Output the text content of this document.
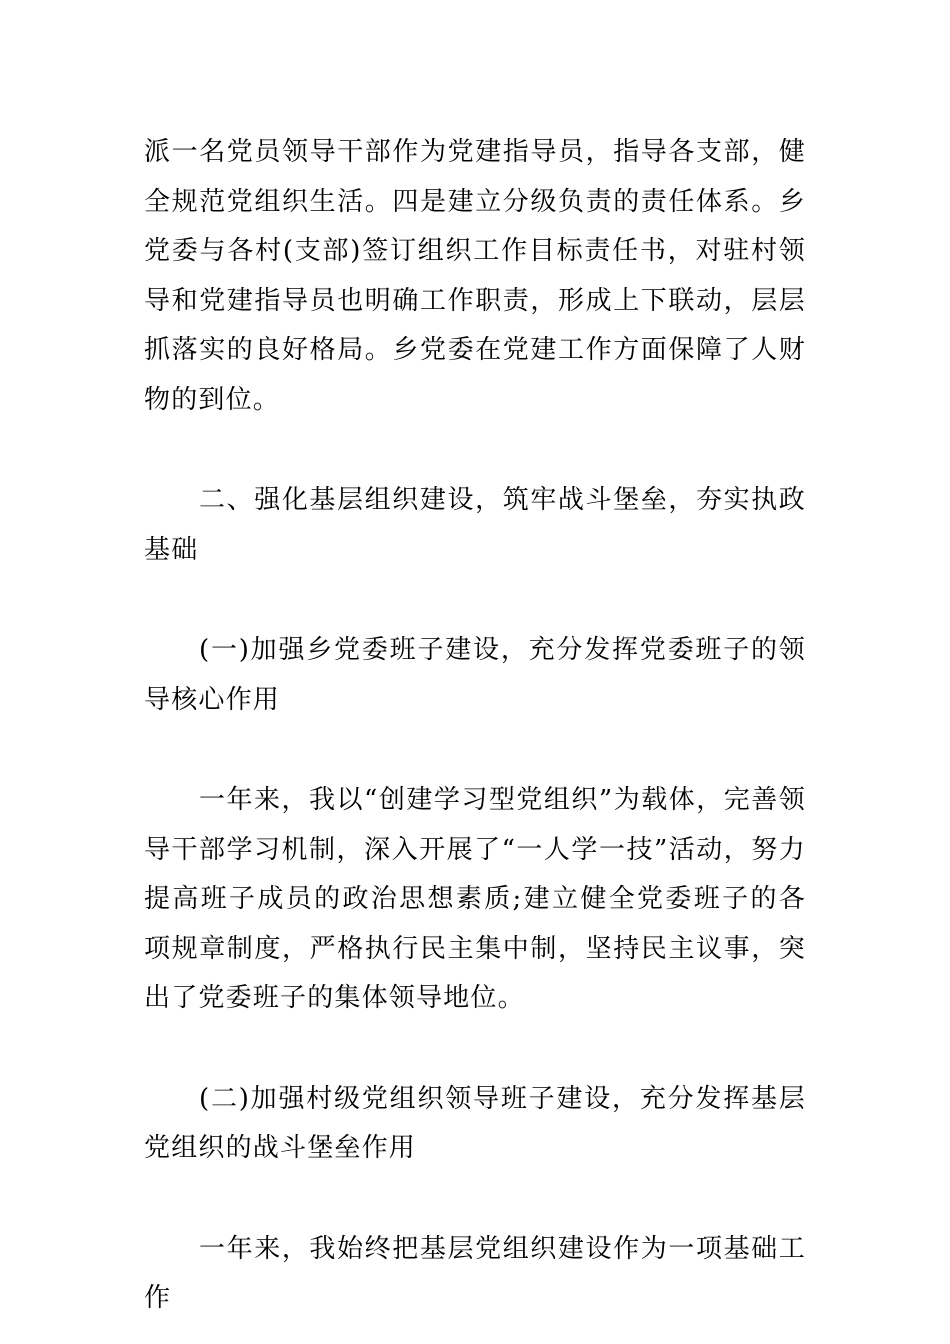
派一名党员领导干部作为党建指导员，指导各支部，健全规范党组织生活。四是建立分级负责的责任体系。乡党委与各村(支部)签订组织工作目标责任书，对驻村领导和党建指导员也明确工作职责，形成上下联动，层层抓落实的良好格局。乡党委在党建工作方面保障了人财物的到位。

二、强化基层组织建设，筑牢战斗堡垒，夯实执政基础

(一)加强乡党委班子建设，充分发挥党委班子的领导核心作用

一年来，我以“创建学习型党组织”为载体，完善领导干部学习机制，深入开展了“一人学一技”活动，努力提高班子成员的政治思想素质;建立健全党委班子的各项规章制度，严格执行民主集中制，坚持民主议事，突出了党委班子的集体领导地位。

(二)加强村级党组织领导班子建设，充分发挥基层党组织的战斗堡垒作用

一年来，我始终把基层党组织建设作为一项基础工作
